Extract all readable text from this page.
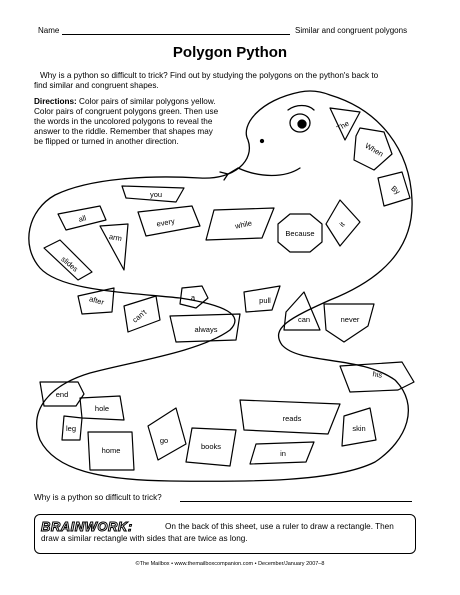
Name	Similar and congruent polygons
Polygon Python
Why is a python so difficult to trick? Find out by studying the polygons on the python's back to
find similar and congruent shapes.
Directions: Color pairs of similar polygons yellow.
Color pairs of congruent polygons green. Then use
the words in the uncolored polygons to reveal the
answer to the riddle. Remember that shapes may
be flipped or turned in another direction.
The
When
By
you
all	every	while
Because
it
arm
slides
after
can't
a
always
pull
can	never
his
end
hole
leg
home
go
books
reads
in
skin
Why is a python so difficult to trick?
BRAINWORK:	On the back of this sheet, use a ruler to draw a rectangle. Then
draw a similar rectangle with sides that are twice as long.
©The Mailbox • www.themailboxcompanion.com • December/January 2007–8
